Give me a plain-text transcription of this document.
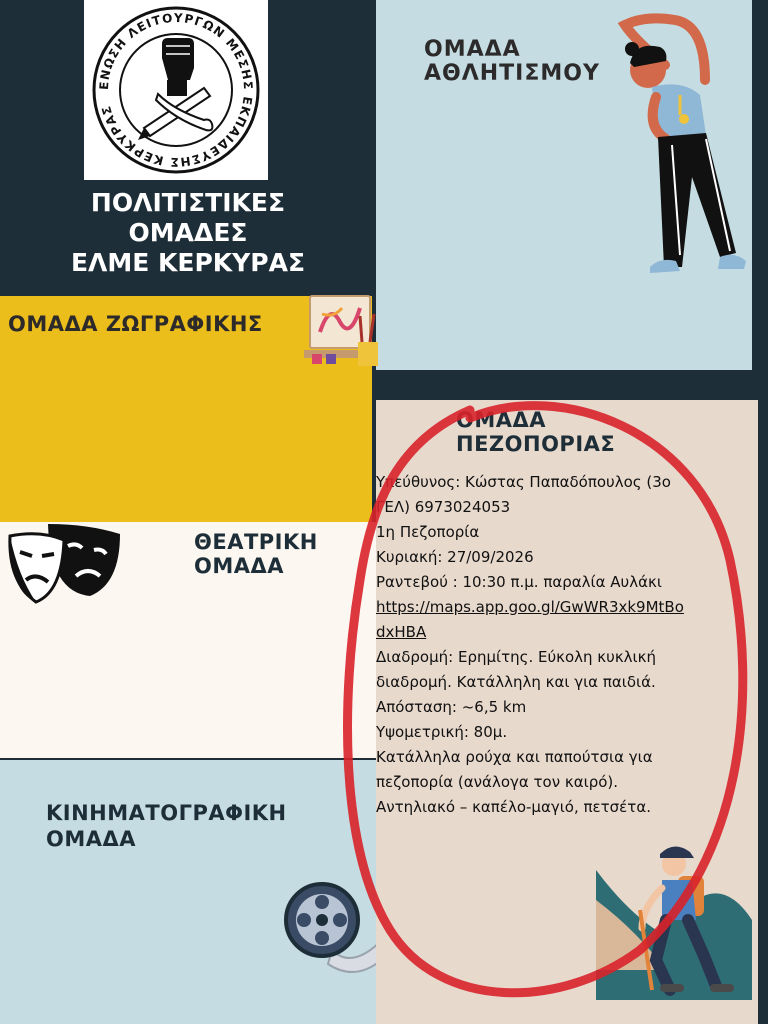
ΕΝΩΣΗ ΛΕΙΤΟΥΡΓΩΝ ΜΕΣΗΣ ΕΚΠΑΙΔΕΥΣΗΣ ΚΕΡΚΥΡΑΣ
ΠΟΛΙΤΙΣΤΙΚΕΣ
ΟΜΑΔΕΣ
ΕΛΜΕ ΚΕΡΚΥΡΑΣ
ΟΜΑΔΑ
ΑΘΛΗΤΙΣΜΟΥ
ΟΜΑΔΑ ΖΩΓΡΑΦΙΚΗΣ
ΘΕΑΤΡΙΚΗ
ΟΜΑΔΑ
ΚΙΝΗΜΑΤΟΓΡΑΦΙΚΗ
ΟΜΑΔΑ
ΟΜΑΔΑ
ΠΕΖΟΠΟΡΙΑΣ
Υπεύθυνος: Κώστας Παπαδόπουλος (3ο
ΓΕΛ) 6973024053
1η Πεζοπορία
Κυριακή: 27/09/2026
Ραντεβού : 10:30 π.μ. παραλία Αυλάκι
https://maps.app.goo.gl/GwWR3xk9MtBo
dxHBA
Διαδρομή: Ερημίτης. Εύκολη κυκλική
διαδρομή. Κατάλληλη και για παιδιά.
Απόσταση: ~6,5 km
Υψομετρική: 80μ.
Κατάλληλα ρούχα και παπούτσια για
πεζοπορία (ανάλογα τον καιρό).
Αντηλιακό – καπέλο-μαγιό, πετσέτα.
